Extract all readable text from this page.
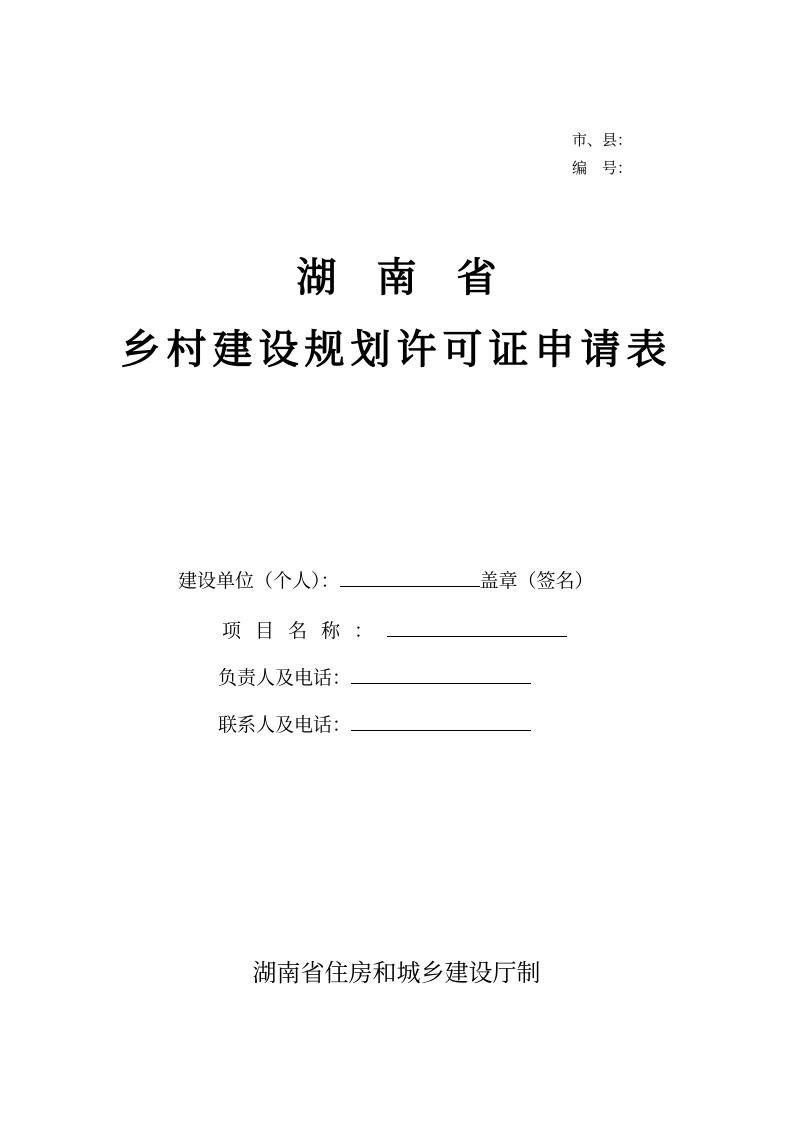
市、县：
编　号：
湖南省
乡村建设规划许可证申请表
建设单位（个人）：	盖章（签名）
项目名称：
负责人及电话：
联系人及电话：
湖南省住房和城乡建设厅制
